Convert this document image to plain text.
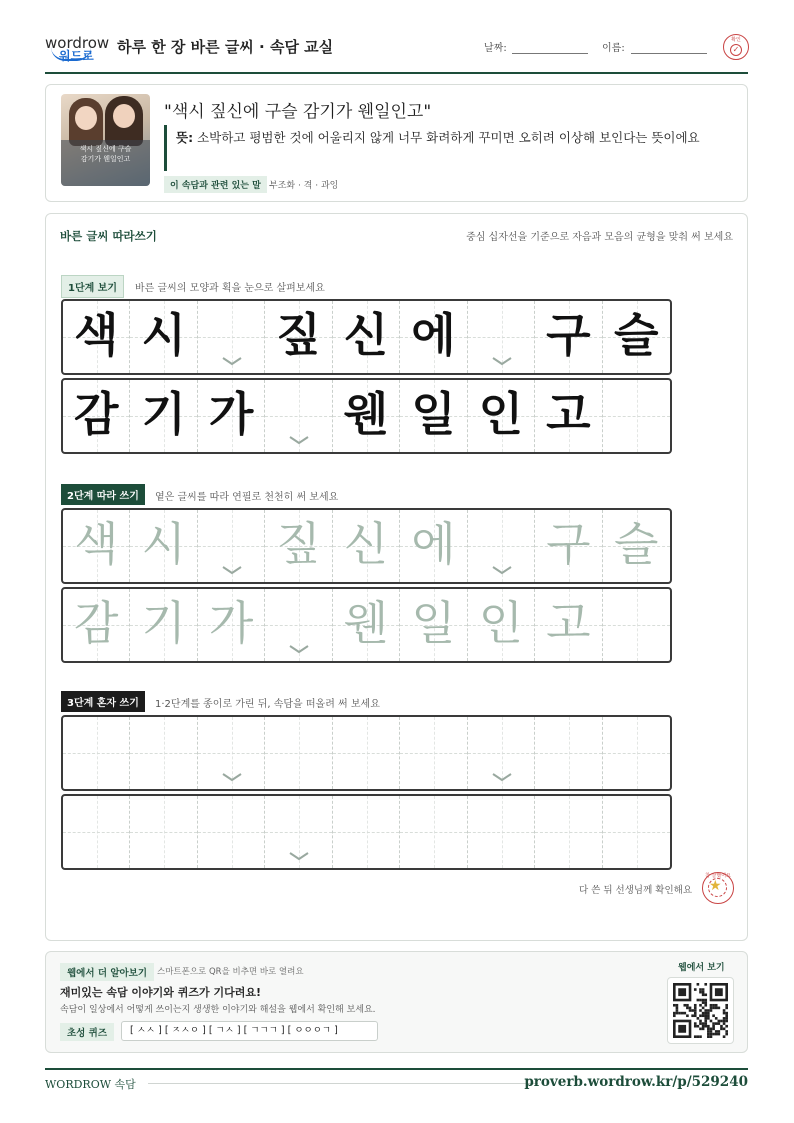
wordrow
워드로 하루 한 장 바른 글씨 · 속담 교실	날짜:	이름:
확인
✓
색시 짚신에 구슬
감기가 웬일인고
"색시 짚신에 구슬 감기가 웬일인고"
뜻: 소박하고 평범한 것에 어울리지 않게 너무 화려하게 꾸미면 오히려 이상해 보인다는 뜻이에요
이 속담과 관련 있는 말 부조화 · 격 · 과잉
바른 글씨 따라쓰기	중심 십자선을 기준으로 자음과 모음의 균형을 맞춰 써 보세요
1단계 보기	바른 글씨의 모양과 획을 눈으로 살펴보세요
색 시 짚 신 에 구 슬
감 기 가 웬 일 인 고
2단계 따라 쓰기	옅은 글씨를 따라 연필로 천천히 써 보세요
색 시 짚 신 에 구 슬
감 기 가 웬 일 인 고
3단계 혼자 쓰기	1·2단계를 종이로 가린 뒤, 속담을 떠올려 써 보세요
다 쓴 뒤 선생님께 확인해요
참 잘했어요
★
웹에서 더 알아보기	스마트폰으로 QR을 비추면 바로 열려요
재미있는 속담 이야기와 퀴즈가 기다려요!
속담이 일상에서 어떻게 쓰이는지 생생한 이야기와 해설을 웹에서 확인해 보세요.
초성 퀴즈	[ ㅅㅅ ] [ ㅈㅅㅇ ] [ ㄱㅅ ] [ ㄱㄱㄱ ] [ ㅇㅇㅇㄱ ]
웹에서 보기
WORDROW 속담	proverb.wordrow.kr/p/529240
